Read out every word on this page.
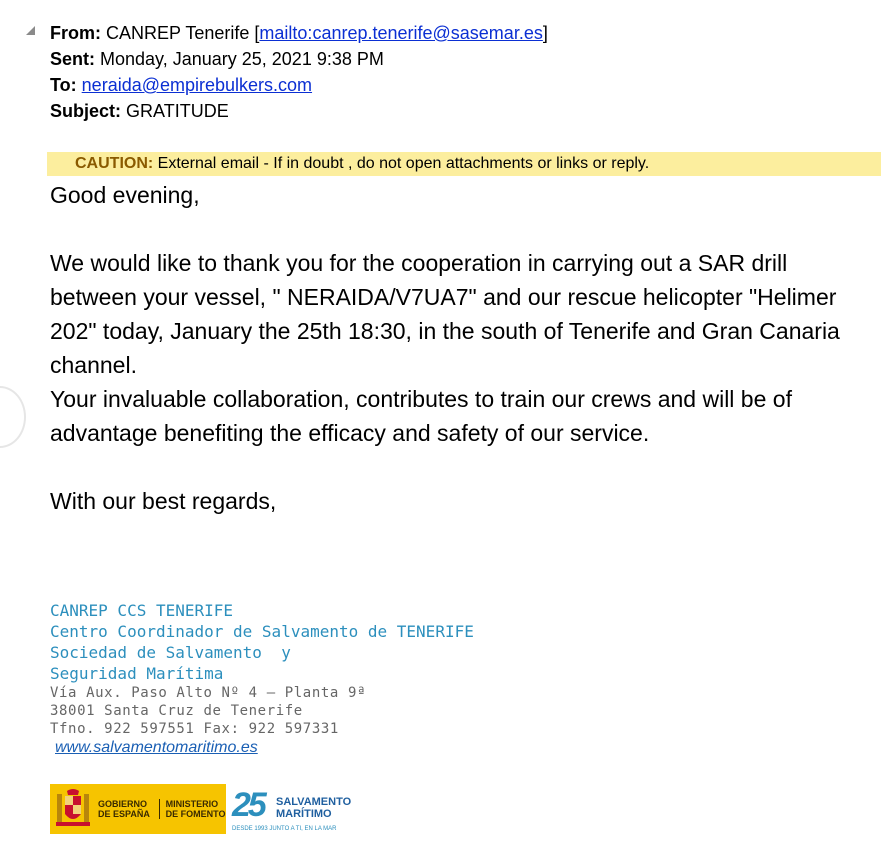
From: CANREP Tenerife [mailto:canrep.tenerife@sasemar.es]
Sent: Monday, January 25, 2021 9:38 PM
To: neraida@empirebulkers.com
Subject: GRATITUDE
CAUTION: External email - If in doubt , do not open attachments or links or reply.

Good evening,

We would like to thank you for the cooperation in carrying out a SAR drill between your vessel, " NERAIDA/V7UA7" and our rescue helicopter "Helimer 202" today, January the 25th 18:30, in the south of Tenerife and Gran Canaria channel.

Your invaluable collaboration, contributes to train our crews and will be of advantage benefiting the efficacy and safety of our service.

With our best regards,

CANREP CCS TENERIFE
Centro Coordinador de Salvamento de TENERIFE
Sociedad de Salvamento  y
Seguridad Marítima
Vía Aux. Paso Alto Nº 4 – Planta 9ª
38001 Santa Cruz de Tenerife
Tfno. 922 597551 Fax: 922 597331
www.salvamentomaritimo.es
GOBIERNO DE ESPAÑA
MINISTERIO DE FOMENTO 25 SALVAMENTO
MARÍTIMO
DESDE 1993 JUNTO A TI, EN LA MAR
